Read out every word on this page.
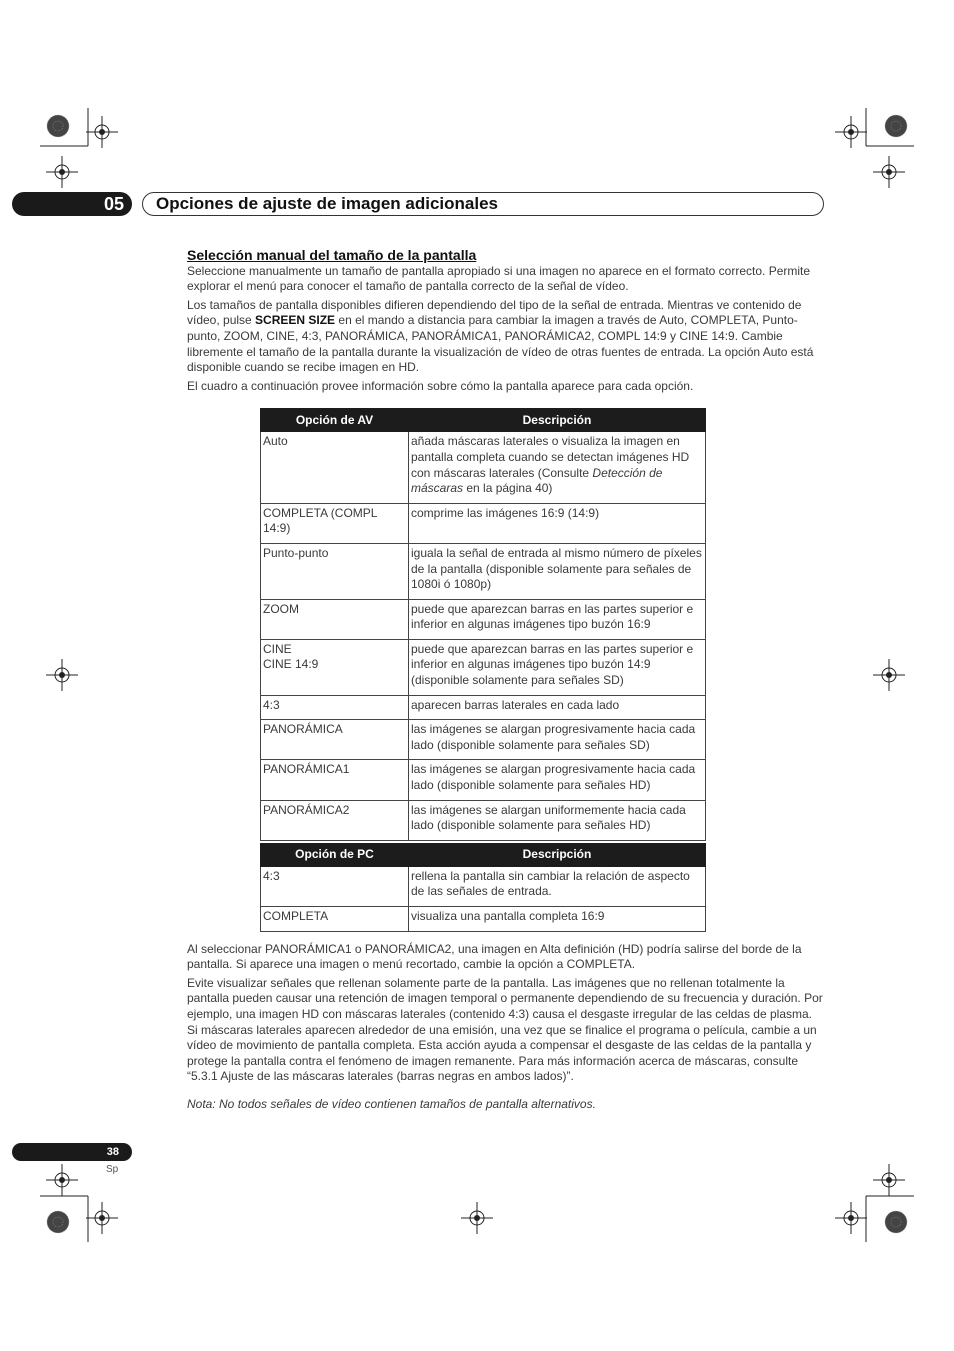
05 Opciones de ajuste de imagen adicionales
Selección manual del tamaño de la pantalla

Seleccione manualmente un tamaño de pantalla apropiado si una imagen no aparece en el formato correcto. Permite explorar el menú para conocer el tamaño de pantalla correcto de la señal de vídeo.

Los tamaños de pantalla disponibles difieren dependiendo del tipo de la señal de entrada. Mientras ve contenido de vídeo, pulse SCREEN SIZE en el mando a distancia para cambiar la imagen a través de Auto, COMPLETA, Punto-punto, ZOOM, CINE, 4:3, PANORÁMICA, PANORÁMICA1, PANORÁMICA2, COMPL 14:9 y CINE 14:9. Cambie libremente el tamaño de la pantalla durante la visualización de vídeo de otras fuentes de entrada. La opción Auto está disponible cuando se recibe imagen en HD.

El cuadro a continuación provee información sobre cómo la pantalla aparece para cada opción.

Opción de AV	Descripción
Auto	añada máscaras laterales o visualiza la imagen en pantalla completa cuando se detectan imágenes HD con máscaras laterales (Consulte Detección de máscaras en la página 40)
COMPLETA (COMPL 14:9)	comprime las imágenes 16:9 (14:9)
Punto-punto	iguala la señal de entrada al mismo número de píxeles de la pantalla (disponible solamente para señales de 1080i ó 1080p)
ZOOM	puede que aparezcan barras en las partes superior e inferior en algunas imágenes tipo buzón 16:9

CINE
CINE 14:9	puede que aparezcan barras en las partes superior e inferior en algunas imágenes tipo buzón 14:9 (disponible solamente para señales SD)
4:3	aparecen barras laterales en cada lado
PANORÁMICA	las imágenes se alargan progresivamente hacia cada lado (disponible solamente para señales SD)
PANORÁMICA1	las imágenes se alargan progresivamente hacia cada lado (disponible solamente para señales HD)
PANORÁMICA2	las imágenes se alargan uniformemente hacia cada lado (disponible solamente para señales HD)
Opción de PC	Descripción
4:3	rellena la pantalla sin cambiar la relación de aspecto de las señales de entrada.
COMPLETA	visualiza una pantalla completa 16:9

Al seleccionar PANORÁMICA1 o PANORÁMICA2, una imagen en Alta definición (HD) podría salirse del borde de la pantalla. Si aparece una imagen o menú recortado, cambie la opción a COMPLETA.

Evite visualizar señales que rellenan solamente parte de la pantalla. Las imágenes que no rellenan totalmente la pantalla pueden causar una retención de imagen temporal o permanente dependiendo de su frecuencia y duración. Por ejemplo, una imagen HD con máscaras laterales (contenido 4:3) causa el desgaste irregular de las celdas de plasma. Si máscaras laterales aparecen alrededor de una emisión, una vez que se finalice el programa o película, cambie a un vídeo de movimiento de pantalla completa. Esta acción ayuda a compensar el desgaste de las celdas de la pantalla y protege la pantalla contra el fenómeno de imagen remanente. Para más información acerca de máscaras, consulte “5.3.1 Ajuste de las máscaras laterales (barras negras en ambos lados)”.

Nota: No todos señales de vídeo contienen tamaños de pantalla alternativos.

38
Sp
